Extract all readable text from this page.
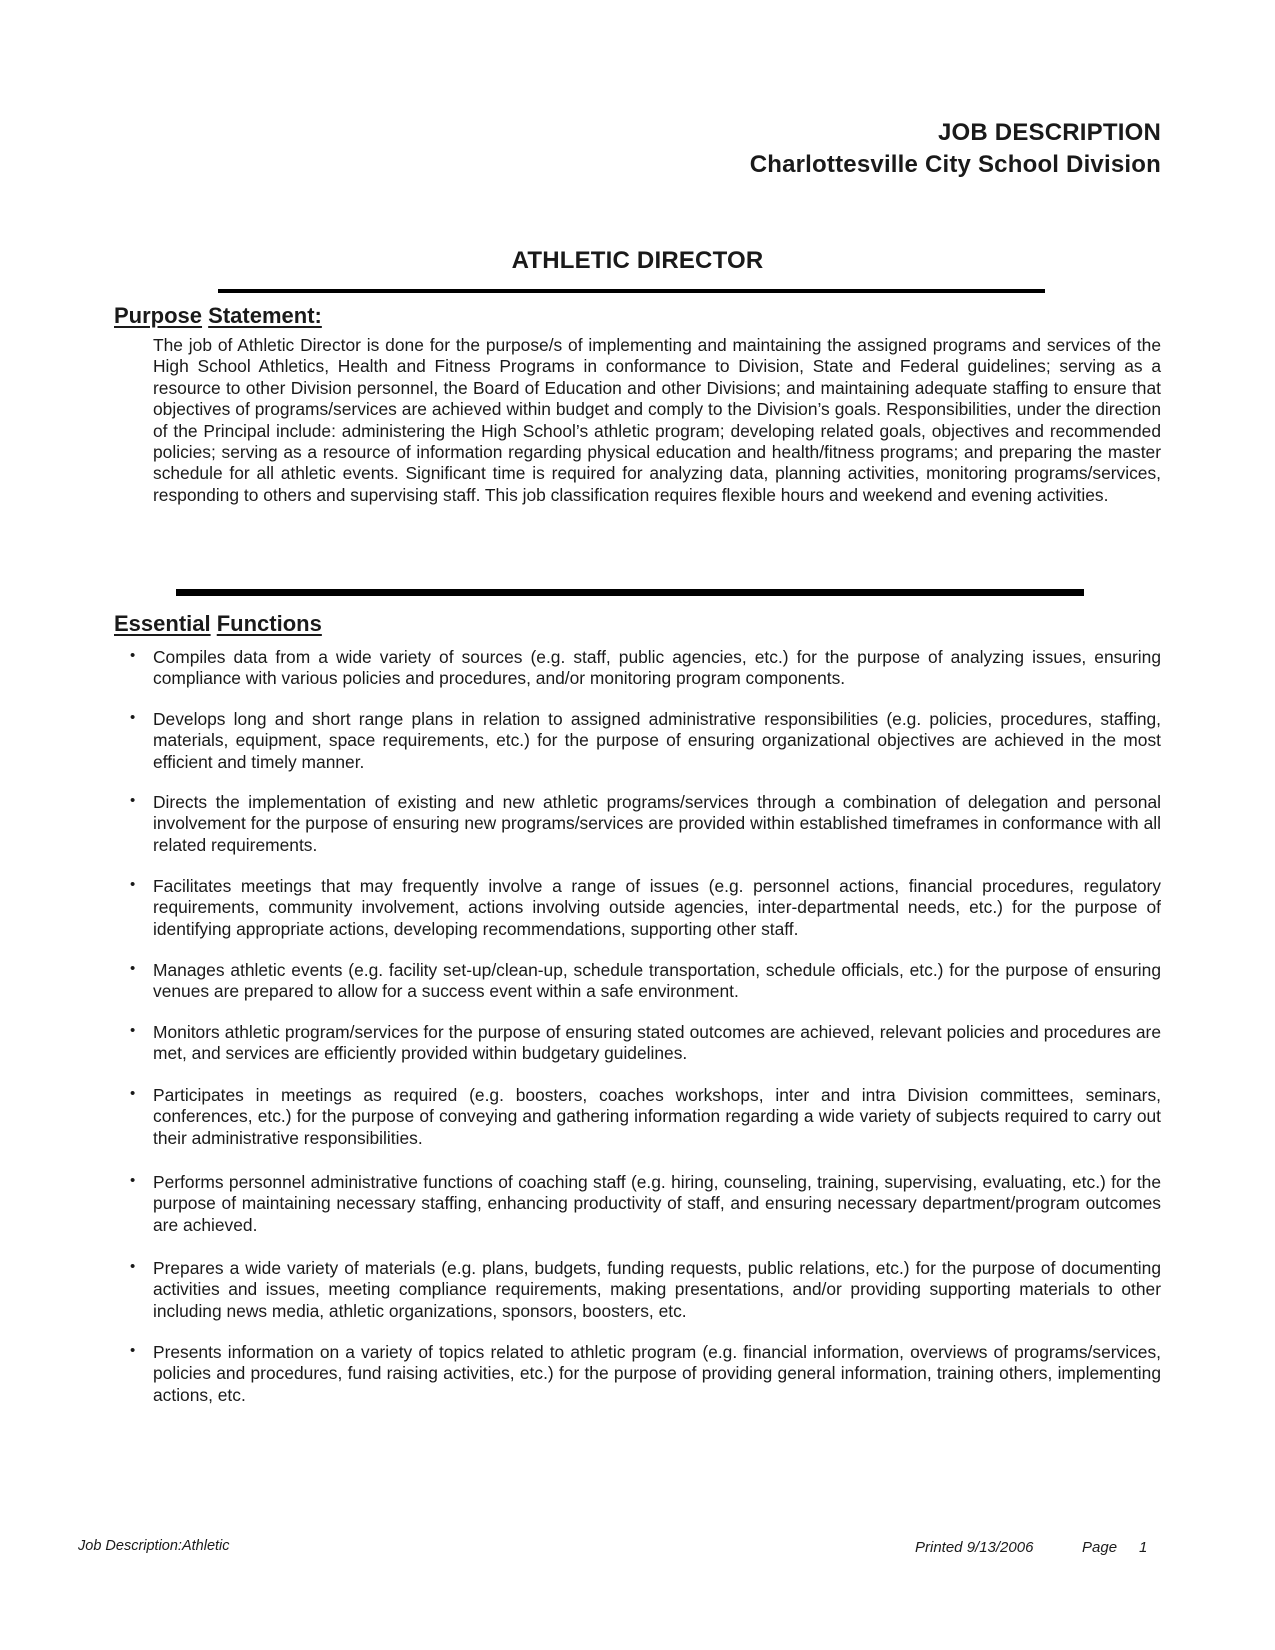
JOB DESCRIPTION
Charlottesville City School Division
ATHLETIC DIRECTOR
Purpose Statement:
The job of Athletic Director is done for the purpose/s of implementing and maintaining the assigned programs and services of the High School Athletics, Health and Fitness Programs in conformance to Division, State and Federal guidelines; serving as a resource to other Division personnel, the Board of Education and other Divisions; and maintaining adequate staffing to ensure that objectives of programs/services are achieved within budget and comply to the Division’s goals. Responsibilities, under the direction of the Principal include: administering the High School’s athletic program; developing related goals, objectives and recommended policies; serving as a resource of information regarding physical education and health/fitness programs; and preparing the master schedule for all athletic events. Significant time is required for analyzing data, planning activities, monitoring programs/services, responding to others and supervising staff. This job classification requires flexible hours and weekend and evening activities.
Essential Functions
• Compiles data from a wide variety of sources (e.g. staff, public agencies, etc.) for the purpose of analyzing issues, ensuring compliance with various policies and procedures, and/or monitoring program components.
• Develops long and short range plans in relation to assigned administrative responsibilities (e.g. policies, procedures, staffing, materials, equipment, space requirements, etc.) for the purpose of ensuring organizational objectives are achieved in the most efficient and timely manner.
• Directs the implementation of existing and new athletic programs/services through a combination of delegation and personal involvement for the purpose of ensuring new programs/services are provided within established timeframes in conformance with all related requirements.
• Facilitates meetings that may frequently involve a range of issues (e.g. personnel actions, financial procedures, regulatory requirements, community involvement, actions involving outside agencies, inter-departmental needs, etc.) for the purpose of identifying appropriate actions, developing recommendations, supporting other staff.
• Manages athletic events (e.g. facility set-up/clean-up, schedule transportation, schedule officials, etc.) for the purpose of ensuring venues are prepared to allow for a success event within a safe environment.
• Monitors athletic program/services for the purpose of ensuring stated outcomes are achieved, relevant policies and procedures are met, and services are efficiently provided within budgetary guidelines.
• Participates in meetings as required (e.g. boosters, coaches workshops, inter and intra Division committees, seminars, conferences, etc.) for the purpose of conveying and gathering information regarding a wide variety of subjects required to carry out their administrative responsibilities.
• Performs personnel administrative functions of coaching staff (e.g. hiring, counseling, training, supervising, evaluating, etc.) for the purpose of maintaining necessary staffing, enhancing productivity of staff, and ensuring necessary department/program outcomes are achieved.
• Prepares a wide variety of materials (e.g. plans, budgets, funding requests, public relations, etc.) for the purpose of documenting activities and issues, meeting compliance requirements, making presentations, and/or providing supporting materials to other including news media, athletic organizations, sponsors, boosters, etc.
• Presents information on a variety of topics related to athletic program (e.g. financial information, overviews of programs/services, policies and procedures, fund raising activities, etc.) for the purpose of providing general information, training others, implementing actions, etc.
Job Description:Athletic	Printed 9/13/2006	Page 1
